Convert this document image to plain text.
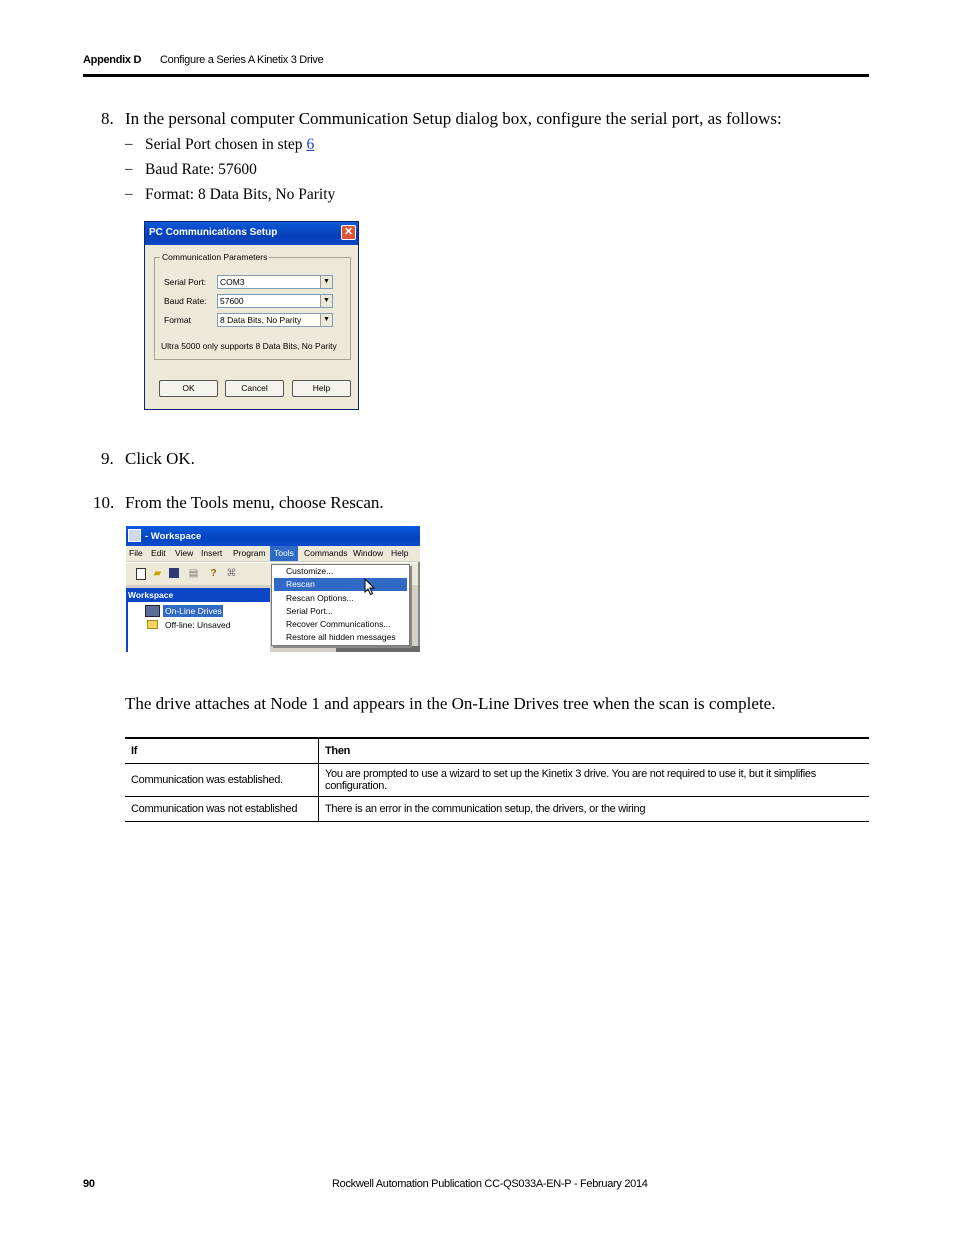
Appendix D Configure a Series A Kinetix 3 Drive
8. In the personal computer Communication Setup dialog box, configure the serial port, as follows:
– Serial Port chosen in step 6
– Baud Rate: 57600
– Format: 8 Data Bits, No Parity
PC Communications Setup	✕
Communication Parameters
Serial Port:	COM3	▼
Baud Rate:	57600	▼
Format	8 Data Bits, No Parity	▼
Ultra 5000 only supports 8 Data Bits, No Parity
OK	Cancel	Help
9. Click OK.
10. From the Tools menu, choose Rescan.
- Workspace
File Edit View Insert Program Tools Commands Window Help
▰	▤ ? ⌘
Workspace
On-Line Drives
Off-line: Unsaved
Customize...
Rescan
Rescan Options...
Serial Port...
Recover Communications...
Restore all hidden messages
The drive attaches at Node 1 and appears in the On-Line Drives tree when the scan is complete.
If	Then
Communication was established.	You are prompted to use a wizard to set up the Kinetix 3 drive. You are not required to use it, but it simplifies configuration.
Communication was not established	There is an error in the communication setup, the drivers, or the wiring
90	Rockwell Automation Publication CC-QS033A-EN-P - February 2014
